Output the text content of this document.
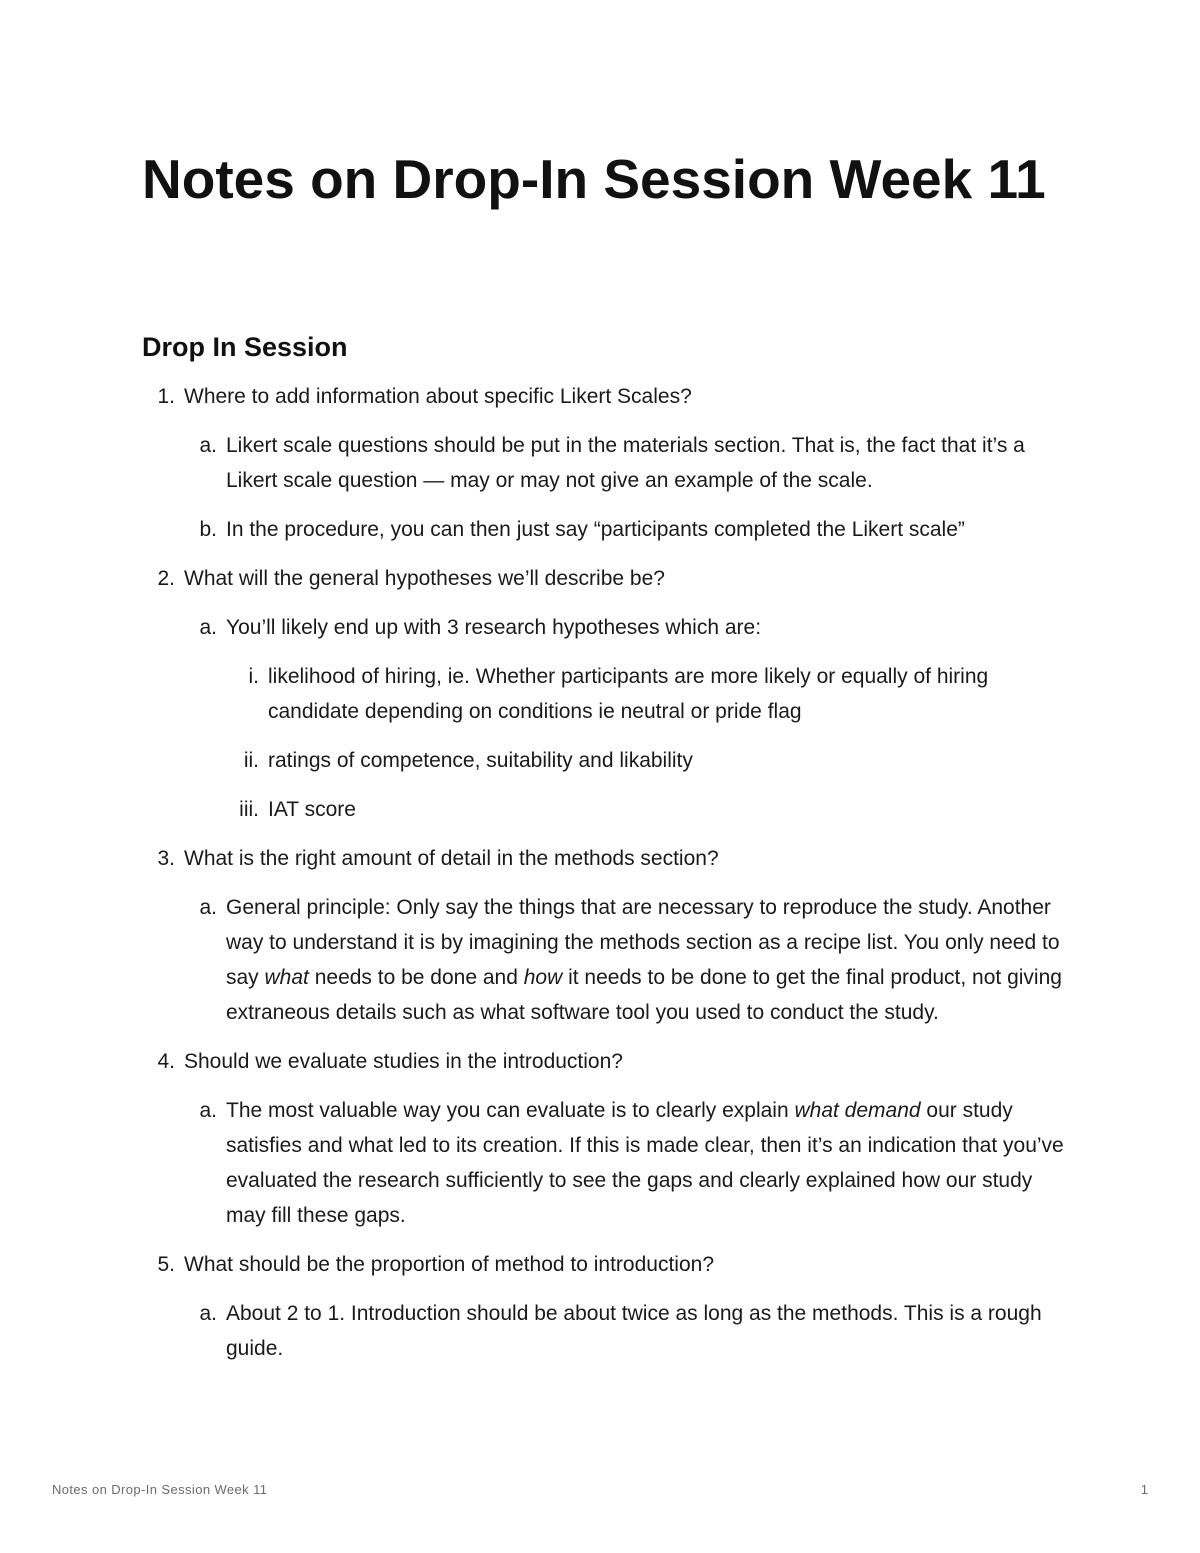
Notes on Drop-In Session Week 11
Drop In Session
1. Where to add information about specific Likert Scales?
a. Likert scale questions should be put in the materials section. That is, the fact that it’s a Likert scale question — may or may not give an example of the scale.
b. In the procedure, you can then just say “participants completed the Likert scale”
2. What will the general hypotheses we’ll describe be?
a. You’ll likely end up with 3 research hypotheses which are:
i. likelihood of hiring, ie. Whether participants are more likely or equally of hiring candidate depending on conditions ie neutral or pride flag
ii. ratings of competence, suitability and likability
iii. IAT score
3. What is the right amount of detail in the methods section?
a. General principle: Only say the things that are necessary to reproduce the study. Another way to understand it is by imagining the methods section as a recipe list. You only need to say what needs to be done and how it needs to be done to get the final product, not giving extraneous details such as what software tool you used to conduct the study.
4. Should we evaluate studies in the introduction?
a. The most valuable way you can evaluate is to clearly explain what demand our study satisfies and what led to its creation. If this is made clear, then it’s an indication that you’ve evaluated the research sufficiently to see the gaps and clearly explained how our study may fill these gaps.
5. What should be the proportion of method to introduction?
a. About 2 to 1. Introduction should be about twice as long as the methods. This is a rough guide.
Notes on Drop-In Session Week 11	1
